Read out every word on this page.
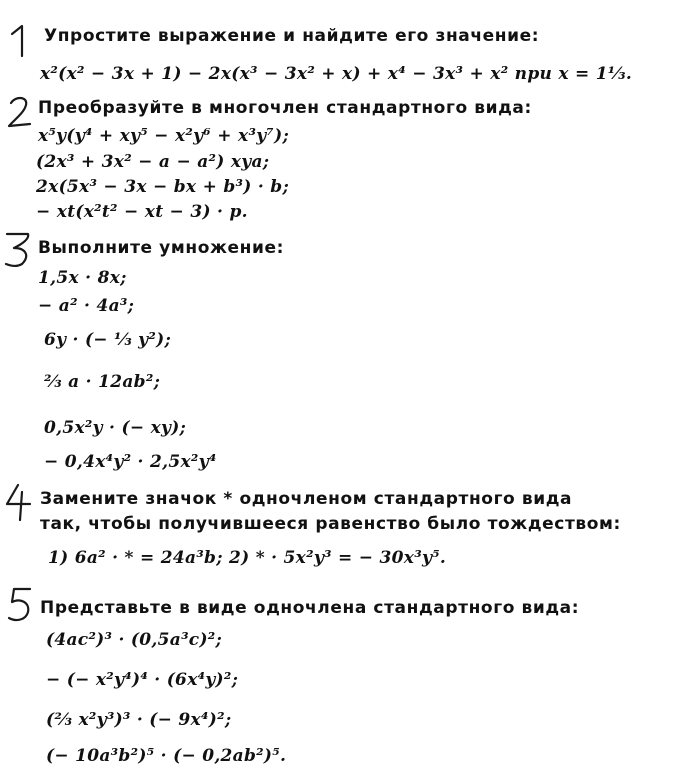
Упростите выражение и найдите его значение:
x²(x² − 3x + 1) − 2x(x³ − 3x² + x) + x⁴ − 3x³ + x² при x = 1⅓.
Преобразуйте в многочлен стандартного вида:
x⁵y(y⁴ + xy⁵ − x²y⁶ + x³y⁷);
(2x³ + 3x² − a − a²) xya;
2x(5x³ − 3x − bx + b³) · b;
− xt(x²t² − xt − 3) · p.
Выполните умножение:
1,5x · 8x;
− a² · 4a³;
6y · (− ⅓ y²);
⅔ a · 12ab²;
0,5x²y · (− xy);
− 0,4x⁴y² · 2,5x²y⁴
Замените значок * одночленом стандартного вида
так, чтобы получившееся равенство было тождеством:
1) 6a² · * = 24a³b; 2) * · 5x²y³ = − 30x³y⁵.
Представьте в виде одночлена стандартного вида:
(4ac²)³ · (0,5a³c)²;
− (− x²y⁴)⁴ · (6x⁴y)²;
(⅔ x²y³)³ · (− 9x⁴)²;
(− 10a³b²)⁵ · (− 0,2ab²)⁵.
